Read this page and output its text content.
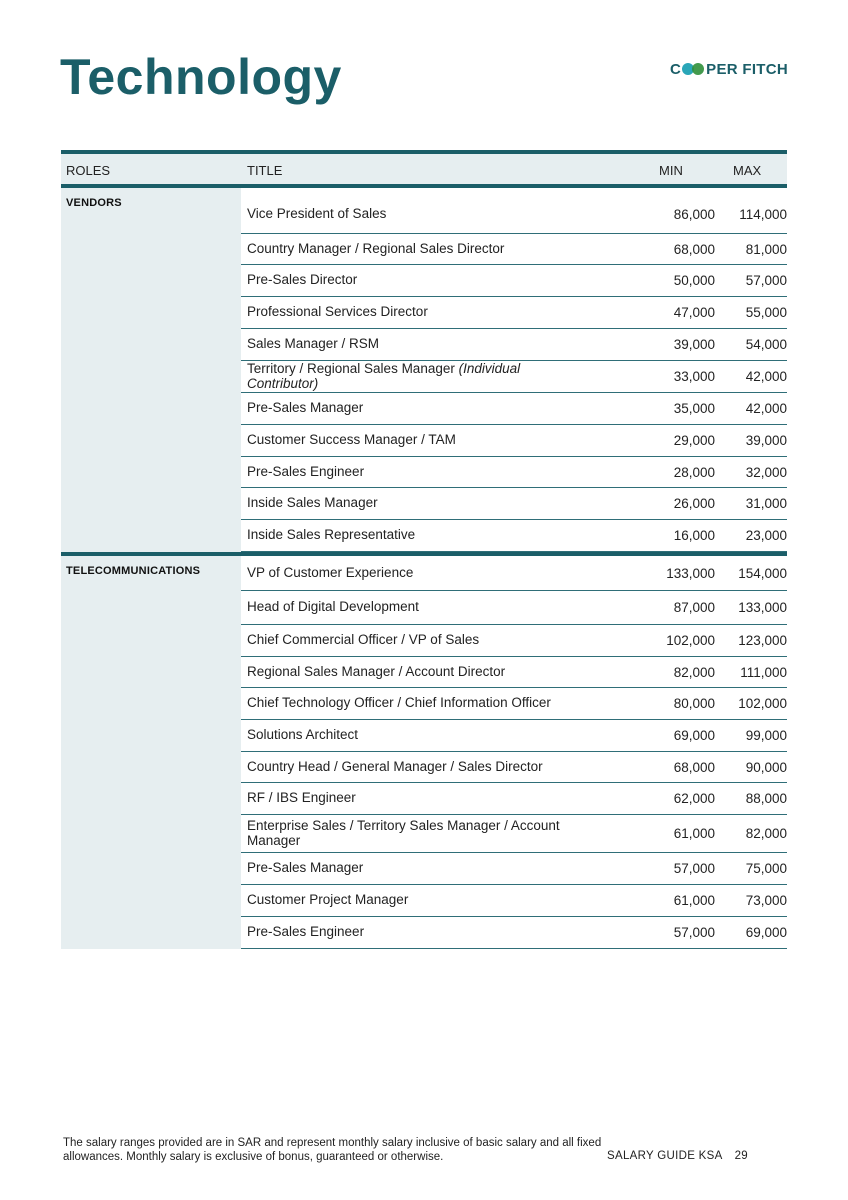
Technology	C PER FITCH
ROLES	TITLE	MIN	MAX
VENDORS
Vice President of Sales	86,000	114,000
Country Manager / Regional Sales Director	68,000	81,000
Pre-Sales Director	50,000	57,000
Professional Services Director	47,000	55,000
Sales Manager / RSM	39,000	54,000
Territory / Regional Sales Manager (Individual Contributor)	33,000	42,000
Pre-Sales Manager	35,000	42,000
Customer Success Manager / TAM	29,000	39,000
Pre-Sales Engineer	28,000	32,000
Inside Sales Manager	26,000	31,000
Inside Sales Representative	16,000	23,000
TELECOMMUNICATIONS	VP of Customer Experience	133,000	154,000
Head of Digital Development	87,000	133,000
Chief Commercial Officer / VP of Sales	102,000	123,000
Regional Sales Manager / Account Director	82,000	111,000
Chief Technology Officer / Chief Information Officer	80,000	102,000
Solutions Architect	69,000	99,000
Country Head / General Manager / Sales Director	68,000	90,000
RF / IBS Engineer	62,000	88,000
Enterprise Sales / Territory Sales Manager / Account Manager	61,000	82,000
Pre-Sales Manager	57,000	75,000
Customer Project Manager	61,000	73,000
Pre-Sales Engineer	57,000	69,000
The salary ranges provided are in SAR and represent monthly salary inclusive of basic salary and all fixed allowances. Monthly salary is exclusive of bonus, guaranteed or otherwise.	SALARY GUIDE KSA 29
